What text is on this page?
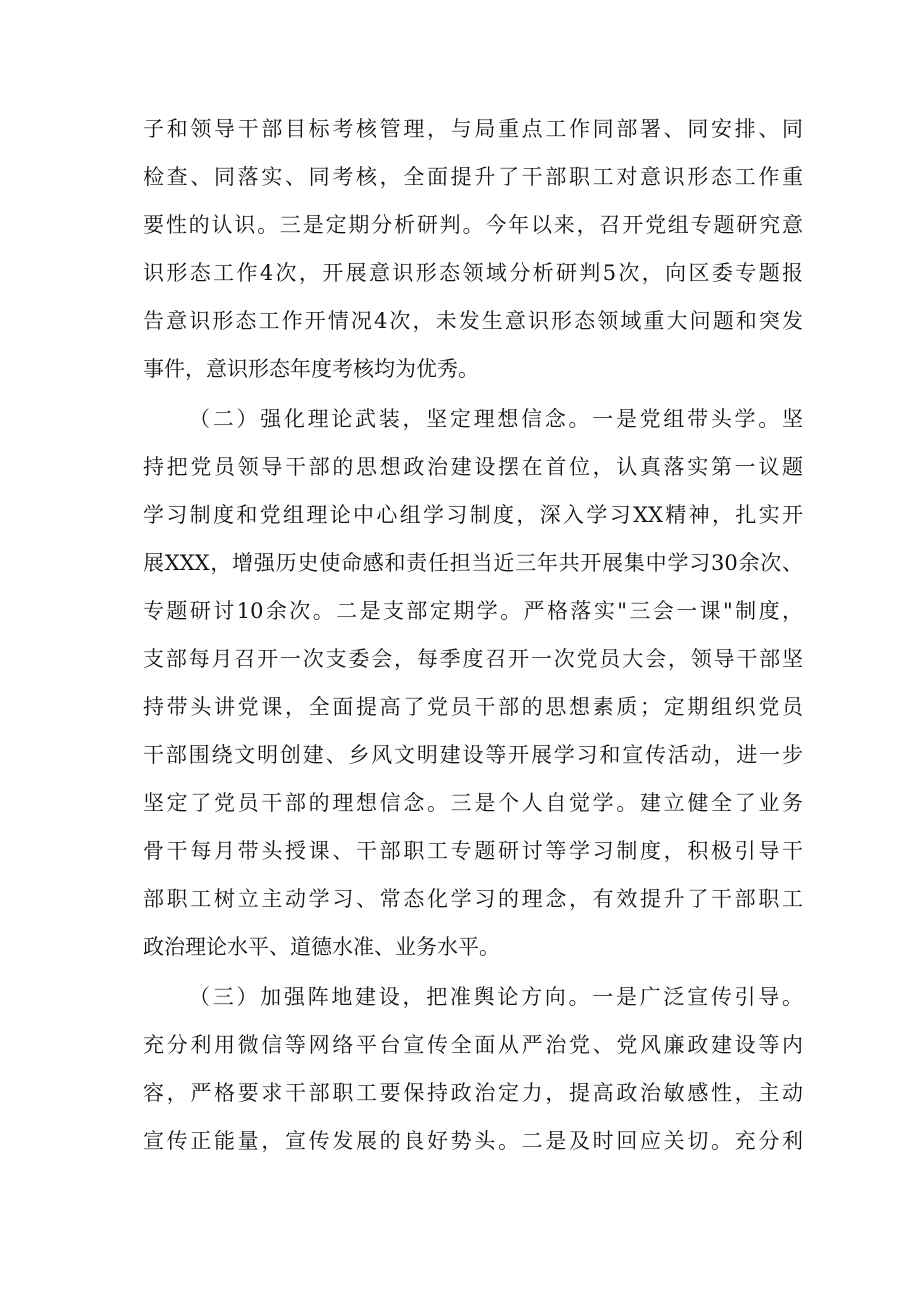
子和领导干部目标考核管理，与局重点工作同部署、同安排、同

检查、同落实、同考核，全面提升了干部职工对意识形态工作重

要性的认识。三是定期分析研判。今年以来，召开党组专题研究意

识形态工作4次，开展意识形态领域分析研判5次，向区委专题报

告意识形态工作开情况4次，未发生意识形态领域重大问题和突发

事件，意识形态年度考核均为优秀。

（二）强化理论武装，坚定理想信念。一是党组带头学。坚

持把党员领导干部的思想政治建设摆在首位，认真落实第一议题

学习制度和党组理论中心组学习制度，深入学习XX精神，扎实开

展XXX，增强历史使命感和责任担当近三年共开展集中学习30余次、

专题研讨10余次。二是支部定期学。严格落实"三会一课"制度，

支部每月召开一次支委会，每季度召开一次党员大会，领导干部坚

持带头讲党课，全面提高了党员干部的思想素质；定期组织党员

干部围绕文明创建、乡风文明建设等开展学习和宣传活动，进一步

坚定了党员干部的理想信念。三是个人自觉学。建立健全了业务

骨干每月带头授课、干部职工专题研讨等学习制度，积极引导干

部职工树立主动学习、常态化学习的理念，有效提升了干部职工

政治理论水平、道德水准、业务水平。

（三）加强阵地建设，把准舆论方向。一是广泛宣传引导。

充分利用微信等网络平台宣传全面从严治党、党风廉政建设等内

容，严格要求干部职工要保持政治定力，提高政治敏感性，主动

宣传正能量，宣传发展的良好势头。二是及时回应关切。充分利
